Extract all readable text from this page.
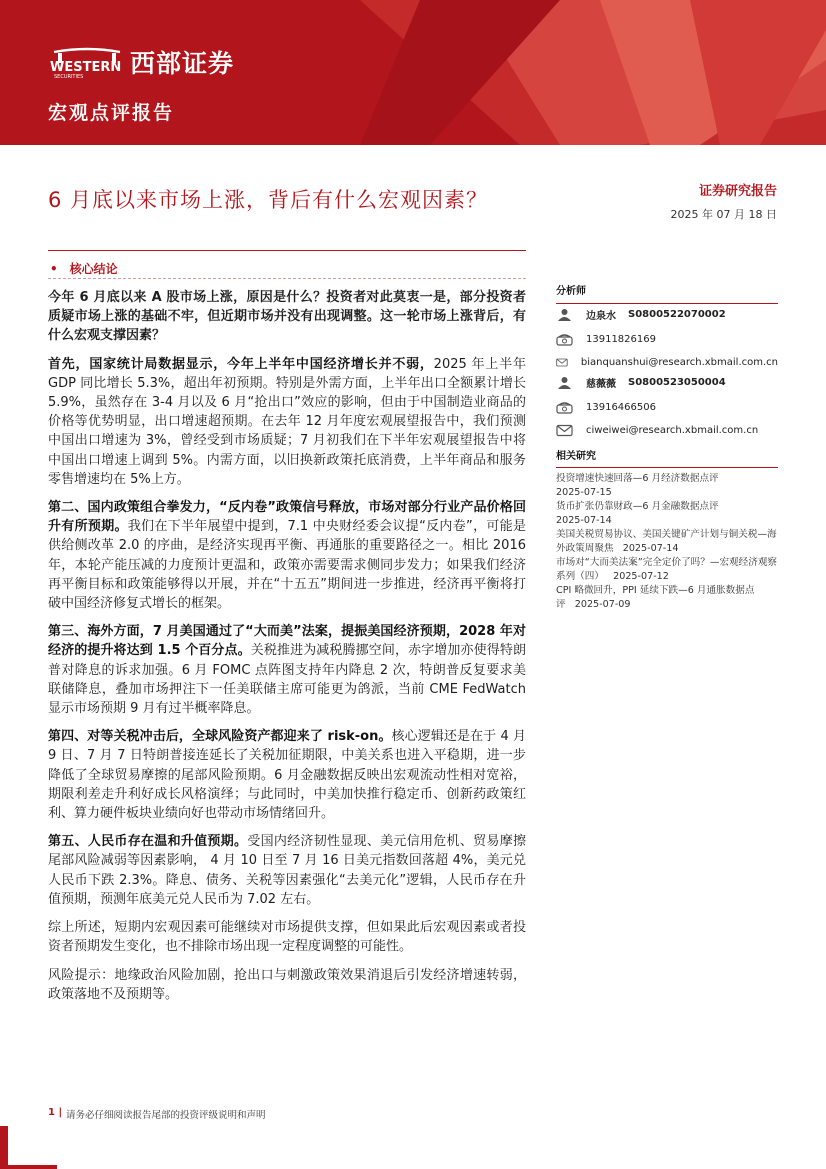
WESTERN
SECURITIES 西部证券
宏观点评报告
6 月底以来市场上涨，背后有什么宏观因素？	证券研究报告
2025 年 07 月 18 日
• 核心结论

今年 6 月底以来 A 股市场上涨，原因是什么？投资者对此莫衷一是，部分投资者质疑市场上涨的基础不牢，但近期市场并没有出现调整。这一轮市场上涨背后，有什么宏观支撑因素？

首先，国家统计局数据显示，今年上半年中国经济增长并不弱，2025 年上半年 GDP 同比增长 5.3%，超出年初预期。特别是外需方面，上半年出口全额累计增长 5.9%，虽然存在 3-4 月以及 6 月“抢出口”效应的影响，但由于中国制造业商品的价格等优势明显，出口增速超预期。在去年 12 月年度宏观展望报告中，我们预测中国出口增速为 3%，曾经受到市场质疑；7 月初我们在下半年宏观展望报告中将中国出口增速上调到 5%。内需方面，以旧换新政策托底消费，上半年商品和服务零售增速均在 5%上方。

第二、国内政策组合拳发力，“反内卷”政策信号释放，市场对部分行业产品价格回升有所预期。我们在下半年展望中提到，7.1 中央财经委会议提“反内卷”，可能是供给侧改革 2.0 的序曲，是经济实现再平衡、再通胀的重要路径之一。相比 2016 年，本轮产能压减的力度预计更温和，政策亦需要需求侧同步发力；如果我们经济再平衡目标和政策能够得以开展，并在“十五五”期间进一步推进，经济再平衡将打破中国经济修复式增长的框架。

第三、海外方面，7 月美国通过了“大而美”法案，提振美国经济预期，2028 年对经济的提升将达到 1.5 个百分点。关税推进为减税腾挪空间，赤字增加亦使得特朗普对降息的诉求加强。6 月 FOMC 点阵图支持年内降息 2 次，特朗普反复要求美联储降息，叠加市场押注下一任美联储主席可能更为鸽派，当前 CME FedWatch 显示市场预期 9 月有过半概率降息。

第四、对等关税冲击后，全球风险资产都迎来了 risk-on。核心逻辑还是在于 4 月 9 日、7 月 7 日特朗普接连延长了关税加征期限，中美关系也进入平稳期，进一步降低了全球贸易摩擦的尾部风险预期。6 月金融数据反映出宏观流动性相对宽裕，期限利差走升利好成长风格演绎；与此同时，中美加快推行稳定币、创新药政策红利、算力硬件板块业绩向好也带动市场情绪回升。

第五、人民币存在温和升值预期。受国内经济韧性显现、美元信用危机、贸易摩擦尾部风险减弱等因素影响， 4 月 10 日至 7 月 16 日美元指数回落超 4%，美元兑人民币下跌 2.3%。降息、债务、关税等因素强化“去美元化”逻辑，人民币存在升值预期，预测年底美元兑人民币为 7.02 左右。

综上所述，短期内宏观因素可能继续对市场提供支撑，但如果此后宏观因素或者投资者预期发生变化，也不排除市场出现一定程度调整的可能性。

风险提示：地缘政治风险加剧，抢出口与刺激政策效果消退后引发经济增速转弱，政策落地不及预期等。

分析师
边泉水 S0800522070002
13911826169
bianquanshui@research.xbmail.com.cn
慈薇薇 S0800523050004
13916466506
ciweiwei@research.xbmail.com.cn
相关研究
投资增速快速回落—6 月经济数据点评
2025-07-15
货币扩张仍靠财政—6 月金融数据点评
2025-07-14
美国关税贸易协议、美国关键矿产计划与铜关税—海外政策周聚焦 2025-07-14
市场对“大而美法案”完全定价了吗？—宏观经济观察系列（四） 2025-07-12
CPI 略微回升，PPI 延续下跌—6 月通胀数据点评 2025-07-09
1 | 请务必仔细阅读报告尾部的投资评级说明和声明
